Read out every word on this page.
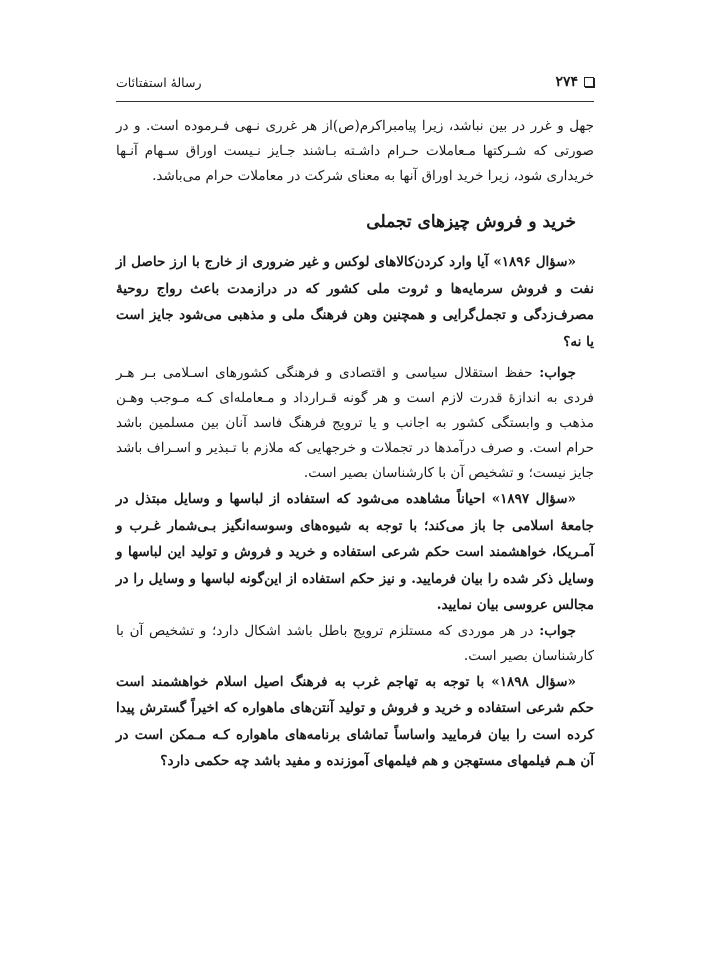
۲۷۴
رسالهٔ استفتائات

جهل و غرر در بین نباشد، زیرا پیامبراکرم(ص)از هر غرری نـهی فـرموده است. و در صورتی که شـرکتها مـعاملات حـرام داشـته بـاشند جـایز نـیست اوراق سـهام آنـها خریداری شود، زیرا خرید اوراق آنها به معنای شرکت در معاملات حرام می‌باشد.

خرید و فروش چیزهای تجملی

«سؤال ۱۸۹۶» آیا وارد کردن‌کالاهای لوکس و غیر ضروری از خارج با ارز حاصل از نفت و فروش سرمایه‌ها و ثروت ملی کشور که در درازمدت باعث رواج روحیهٔ مصرف‌زدگی و تجمل‌گرایی و همچنین وهن فرهنگ ملی و مذهبی می‌شود جایز است یا نه؟

جواب: حفظ استقلال سیاسی و اقتصادی و فرهنگی کشورهای اسـلامی بـر هـر فردی به اندازهٔ قدرت لازم است و هر گونه قـرارداد و مـعامله‌ای کـه مـوجب وهـن مذهب و وابستگی کشور به اجانب و یا ترویج فرهنگ فاسد آنان بین مسلمین باشد حرام است. و صرف درآمدها در تجملات و خرجهایی که ملازم با تـبذیر و اسـراف باشد جایز نیست؛ و تشخیص آن با کارشناسان بصیر است.

«سؤال ۱۸۹۷» احیاناً مشاهده می‌شود که استفاده از لباسها و وسایل مبتذل در جامعهٔ اسلامی جا باز می‌کند؛ با توجه به شیوه‌های وسوسه‌انگیز بـی‌شمار غـرب و آمـریکا، خواهشمند است حکم شرعی استفاده و خرید و فروش و تولید این لباسها و وسایل ذکر شده را بیان فرمایید. و نیز حکم استفاده از این‌گونه لباسها و وسایل را در مجالس عروسی بیان نمایید.

جواب: در هر موردی که مستلزم ترویج باطل باشد اشکال دارد؛ و تشخیص آن با کارشناسان بصیر است.

«سؤال ۱۸۹۸» با توجه به تهاجم غرب به فرهنگ اصیل اسلام خواهشمند است حکم شرعی استفاده و خرید و فروش و تولید آنتن‌های ماهواره که اخیراً گسترش پیدا کرده است را بیان فرمایید واساساً تماشای برنامه‌های ماهواره کـه مـمکن است در آن هـم فیلمهای مستهجن و هم فیلمهای آموزنده و مفید باشد چه حکمی دارد؟
